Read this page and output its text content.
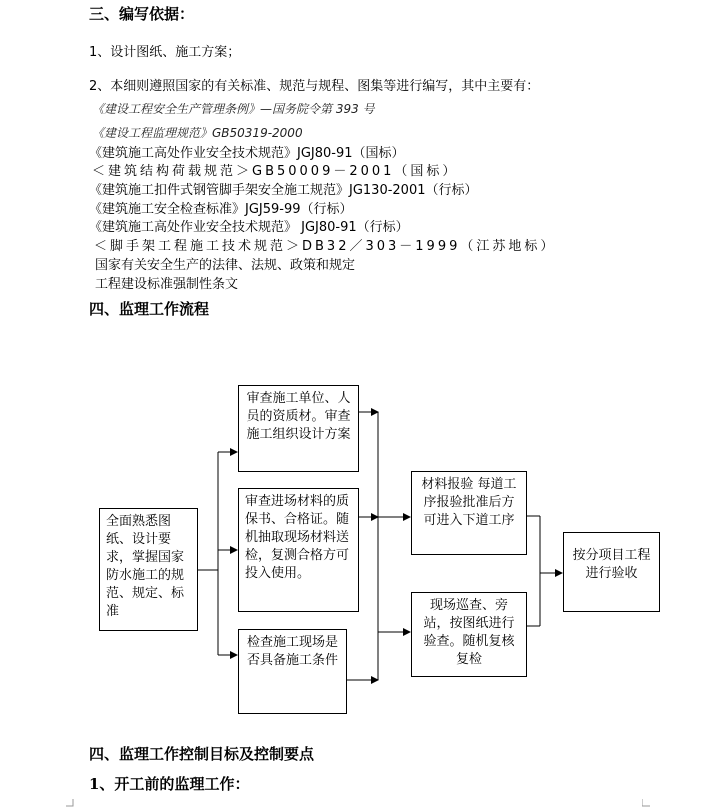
三、编写依据：
1、设计图纸、施工方案；
2、本细则遵照国家的有关标准、规范与规程、图集等进行编写，其中主要有：
《建设工程安全生产管理条例》—国务院令第 393 号
《建设工程监理规范》GB50319-2000
《建筑施工高处作业安全技术规范》JGJ80-91（国标）
＜建筑结构荷载规范＞GB50009－2001（国标）
《建筑施工扣件式钢管脚手架安全施工规范》JG130-2001（行标）
《建筑施工安全检查标准》JGJ59-99（行标）
《建筑施工高处作业安全技术规范》 JGJ80-91（行标）
＜脚手架工程施工技术规范＞DB32／303－1999（江苏地标）
国家有关安全生产的法律、法规、政策和规定
工程建设标准强制性条文
四、监理工作流程
全面熟悉图纸、设计要求，掌握国家防水施工的规范、规定、标准
审查施工单位、人员的资质材。审查施工组织设计方案
审查进场材料的质保书、合格证。随机抽取现场材料送检，复测合格方可投入使用。
检查施工现场是否具备施工条件
材料报验 每道工序报验批准后方可进入下道工序
现场巡查、旁站，按图纸进行验查。随机复核复检
按分项目工程进行验收
四、监理工作控制目标及控制要点
1、开工前的监理工作：
